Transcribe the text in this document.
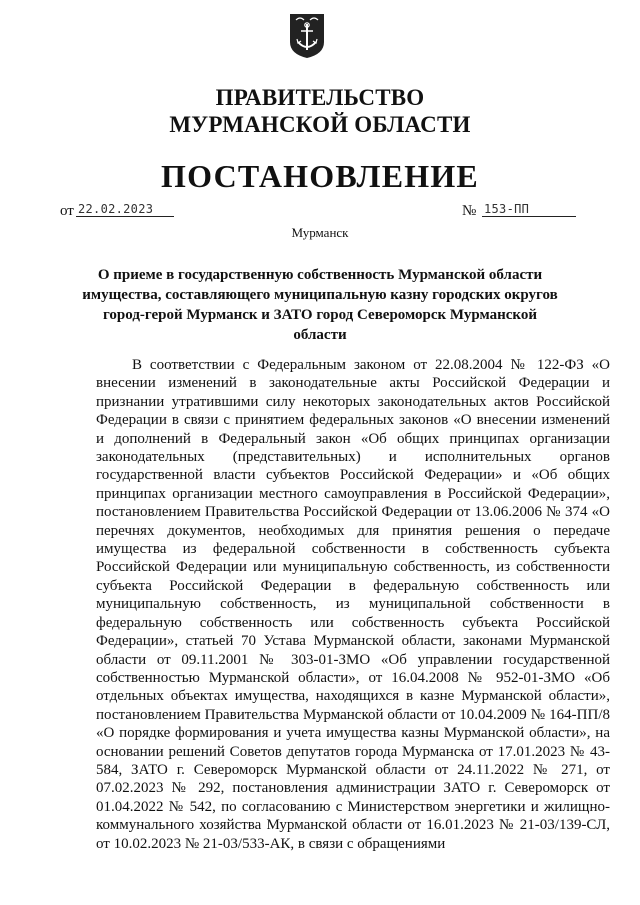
ПРАВИТЕЛЬСТВО
МУРМАНСКОЙ ОБЛАСТИ
ПОСТАНОВЛЕНИЕ
от 22.02.2023	№ 153-ПП
Мурманск
О приеме в государственную собственность Мурманской области имущества, составляющего муниципальную казну городских округов город-герой Мурманск и ЗАТО город Североморск Мурманской области

В соответствии с Федеральным законом от 22.08.2004 № 122-ФЗ «О внесении изменений в законодательные акты Российской Федерации и признании утратившими силу некоторых законодательных актов Российской Федерации в связи с принятием федеральных законов «О внесении изменений и дополнений в Федеральный закон «Об общих принципах организации законодательных (представительных) и исполнительных органов государственной власти субъектов Российской Федерации» и «Об общих принципах организации местного самоуправления в Российской Федерации», постановлением Правительства Российской Федерации от 13.06.2006 № 374 «О перечнях документов, необходимых для принятия решения о передаче имущества из федеральной собственности в собственность субъекта Российской Федерации или муниципальную собственность, из собственности субъекта Российской Федерации в федеральную собственность или муниципальную собственность, из муниципальной собственности в федеральную собственность или собственность субъекта Российской Федерации», статьей 70 Устава Мурманской области, законами Мурманской области от 09.11.2001 № 303-01-ЗМО «Об управлении государственной собственностью Мурманской области», от 16.04.2008 № 952-01-ЗМО «Об отдельных объектах имущества, находящихся в казне Мурманской области», постановлением Правительства Мурманской области от 10.04.2009 № 164-ПП/8 «О порядке формирования и учета имущества казны Мурманской области», на основании решений Советов депутатов города Мурманска от 17.01.2023 № 43-584, ЗАТО г. Североморск Мурманской области от 24.11.2022 № 271, от 07.02.2023 № 292, постановления администрации ЗАТО г. Североморск от 01.04.2022 № 542, по согласованию с Министерством энергетики и жилищно-коммунального хозяйства Мурманской области от 16.01.2023 № 21-03/139-СЛ, от 10.02.2023 № 21-03/533-АК, в связи с обращениями
